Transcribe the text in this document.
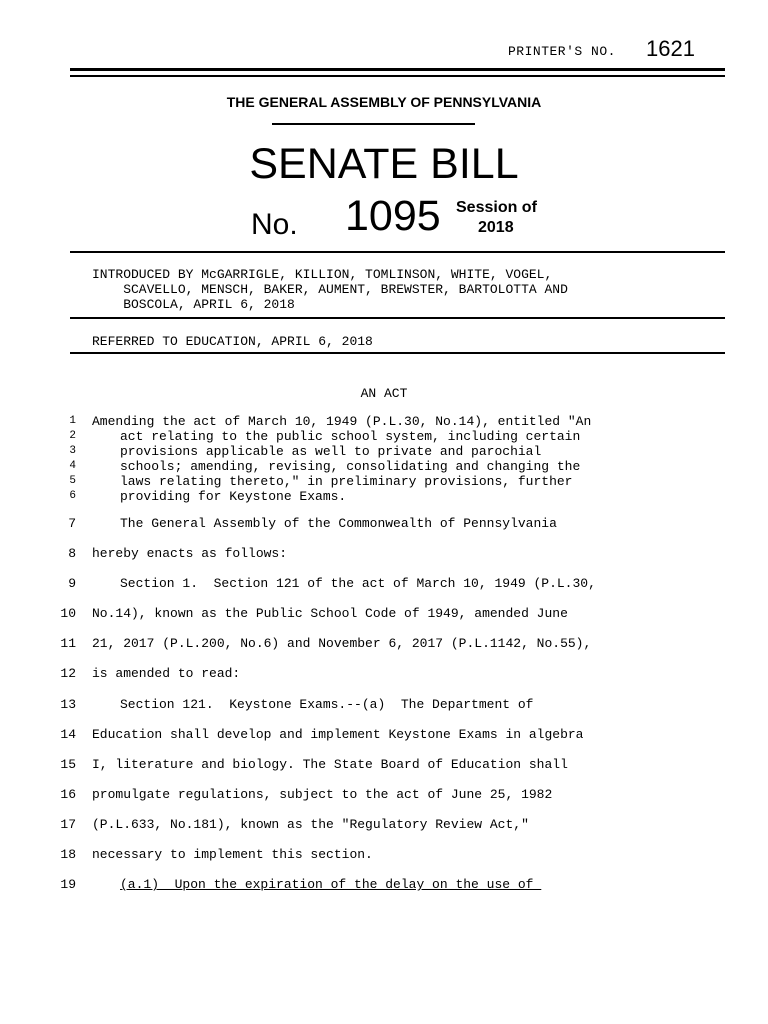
PRINTER'S NO. 1621
THE GENERAL ASSEMBLY OF PENNSYLVANIA
SENATE BILL
No. 1095 Session of
2018
INTRODUCED BY McGARRIGLE, KILLION, TOMLINSON, WHITE, VOGEL,
SCAVELLO, MENSCH, BAKER, AUMENT, BREWSTER, BARTOLOTTA AND
BOSCOLA, APRIL 6, 2018
REFERRED TO EDUCATION, APRIL 6, 2018
AN ACT
1 Amending the act of March 10, 1949 (P.L.30, No.14), entitled "An
2	act relating to the public school system, including certain
3	provisions applicable as well to private and parochial
4	schools; amending, revising, consolidating and changing the
5	laws relating thereto," in preliminary provisions, further
6	providing for Keystone Exams.
7	The General Assembly of the Commonwealth of Pennsylvania
8 hereby enacts as follows:
9	Section 1.  Section 121 of the act of March 10, 1949 (P.L.30,
10 No.14), known as the Public School Code of 1949, amended June
11 21, 2017 (P.L.200, No.6) and November 6, 2017 (P.L.1142, No.55),
12 is amended to read:
13	Section 121.  Keystone Exams.--(a)  The Department of
14 Education shall develop and implement Keystone Exams in algebra
15 I, literature and biology. The State Board of Education shall
16 promulgate regulations, subject to the act of June 25, 1982
17 (P.L.633, No.181), known as the "Regulatory Review Act,"
18 necessary to implement this section.
19	(a.1)  Upon the expiration of the delay on the use of
